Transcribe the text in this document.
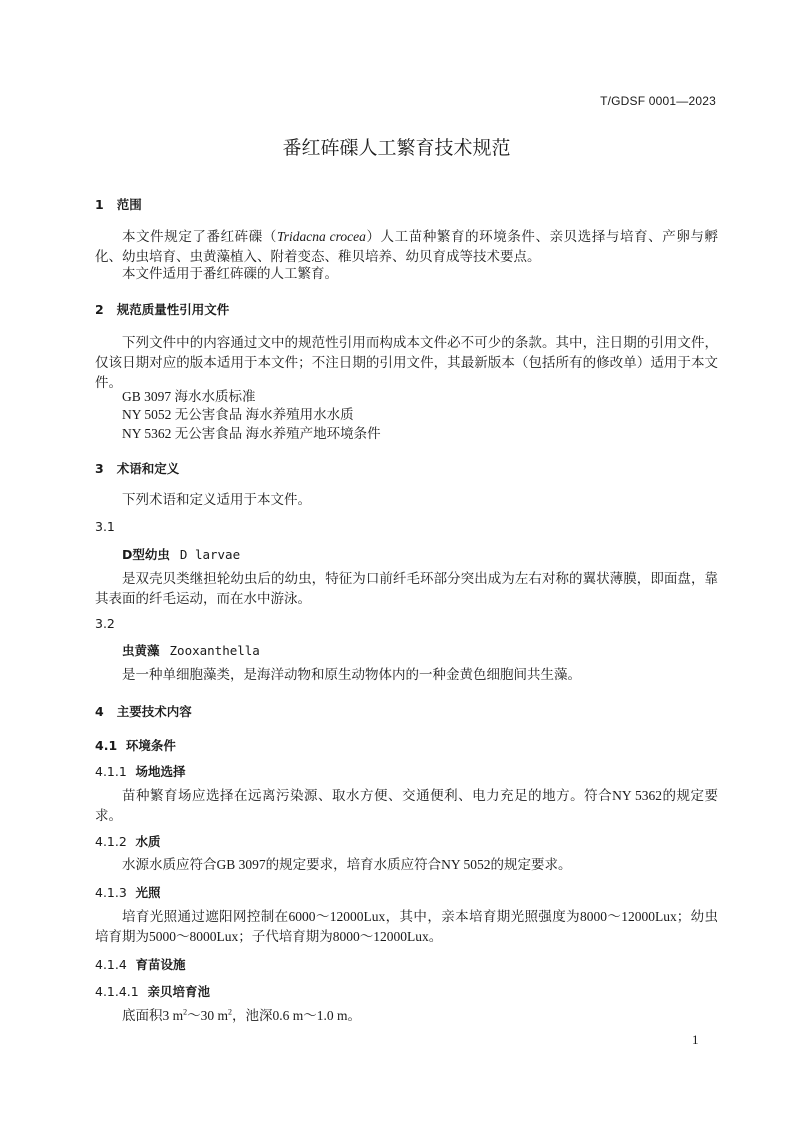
T/GDSF 0001—2023
番红砗磲人工繁育技术规范
1 范围
本文件规定了番红砗磲（Tridacna crocea）人工苗种繁育的环境条件、亲贝选择与培育、产卵与孵化、幼虫培育、虫黄藻植入、附着变态、稚贝培养、幼贝育成等技术要点。
本文件适用于番红砗磲的人工繁育。
2 规范质量性引用文件
下列文件中的内容通过文中的规范性引用而构成本文件必不可少的条款。其中，注日期的引用文件，仅该日期对应的版本适用于本文件；不注日期的引用文件，其最新版本（包括所有的修改单）适用于本文件。
GB 3097 海水水质标准
NY 5052 无公害食品 海水养殖用水水质
NY 5362 无公害食品 海水养殖产地环境条件
3 术语和定义
下列术语和定义适用于本文件。
3.1
D型幼虫 D larvae
是双壳贝类继担轮幼虫后的幼虫，特征为口前纤毛环部分突出成为左右对称的翼状薄膜，即面盘，靠其表面的纤毛运动，而在水中游泳。
3.2
虫黄藻 Zooxanthella
是一种单细胞藻类，是海洋动物和原生动物体内的一种金黄色细胞间共生藻。
4 主要技术内容
4.1 环境条件
4.1.1 场地选择
苗种繁育场应选择在远离污染源、取水方便、交通便利、电力充足的地方。符合NY 5362的规定要求。
4.1.2 水质
水源水质应符合GB 3097的规定要求，培育水质应符合NY 5052的规定要求。
4.1.3 光照
培育光照通过遮阳网控制在6000～12000Lux，其中，亲本培育期光照强度为8000～12000Lux；幼虫培育期为5000～8000Lux；子代培育期为8000～12000Lux。
4.1.4 育苗设施
4.1.4.1 亲贝培育池
底面积3 $m^2\sim 30$ $m^2$，池深0.6 m～1.0 m。
1
